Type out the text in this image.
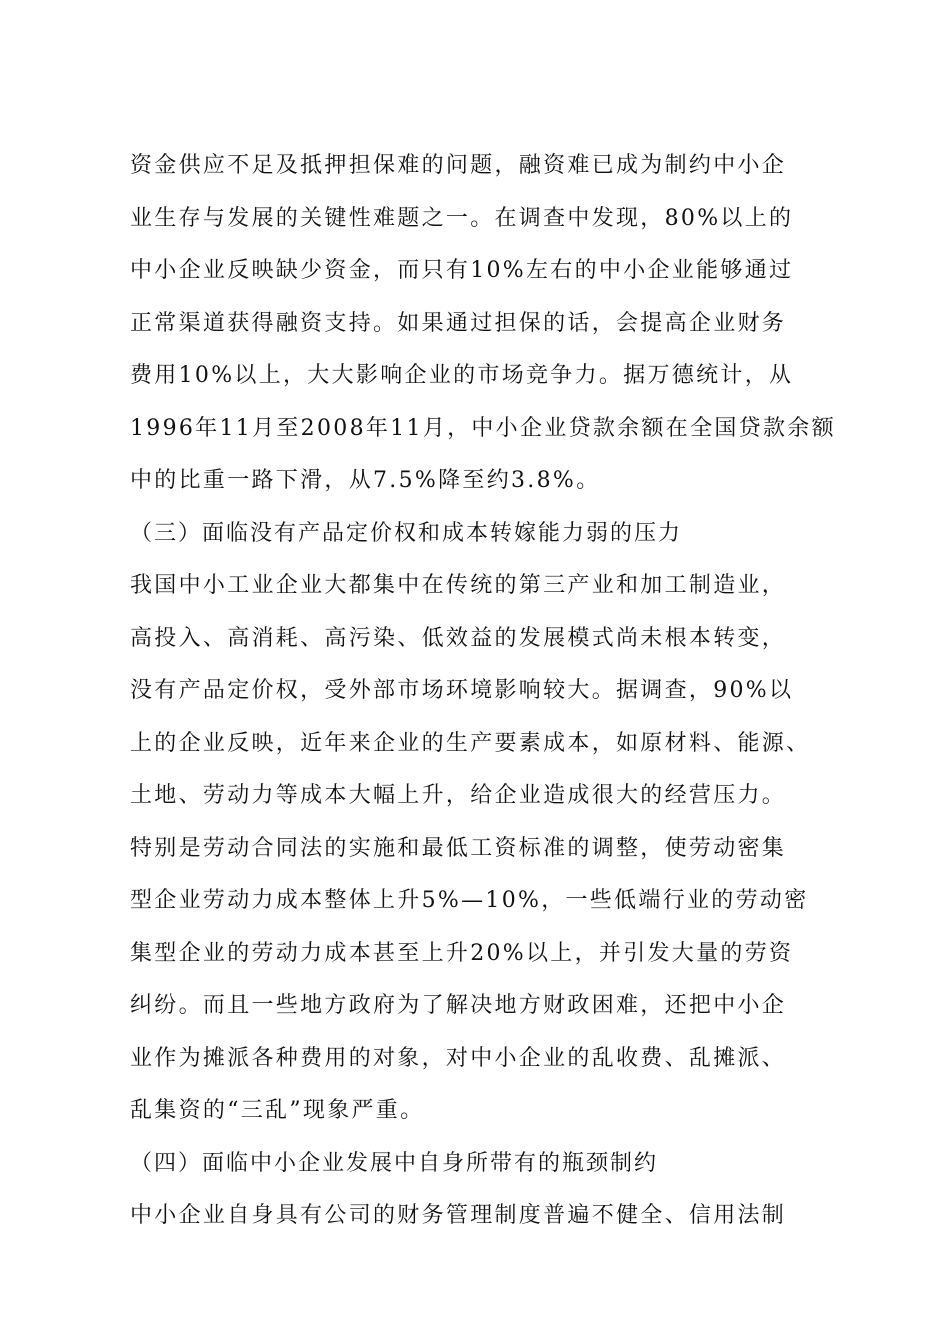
资金供应不足及抵押担保难的问题，融资难已成为制约中小企
业生存与发展的关键性难题之一。在调查中发现，80%以上的
中小企业反映缺少资金，而只有10%左右的中小企业能够通过
正常渠道获得融资支持。如果通过担保的话，会提高企业财务
费用10%以上，大大影响企业的市场竞争力。据万德统计，从
1996年11月至2008年11月，中小企业贷款余额在全国贷款余额
中的比重一路下滑，从7.5%降至约3.8%。
（三）面临没有产品定价权和成本转嫁能力弱的压力
我国中小工业企业大都集中在传统的第三产业和加工制造业，
高投入、高消耗、高污染、低效益的发展模式尚未根本转变，
没有产品定价权，受外部市场环境影响较大。据调查，90%以
上的企业反映，近年来企业的生产要素成本，如原材料、能源、
土地、劳动力等成本大幅上升，给企业造成很大的经营压力。
特别是劳动合同法的实施和最低工资标准的调整，使劳动密集
型企业劳动力成本整体上升5%—10%，一些低端行业的劳动密
集型企业的劳动力成本甚至上升20%以上，并引发大量的劳资
纠纷。而且一些地方政府为了解决地方财政困难，还把中小企
业作为摊派各种费用的对象，对中小企业的乱收费、乱摊派、
乱集资的“三乱”现象严重。
（四）面临中小企业发展中自身所带有的瓶颈制约
中小企业自身具有公司的财务管理制度普遍不健全、信用法制
